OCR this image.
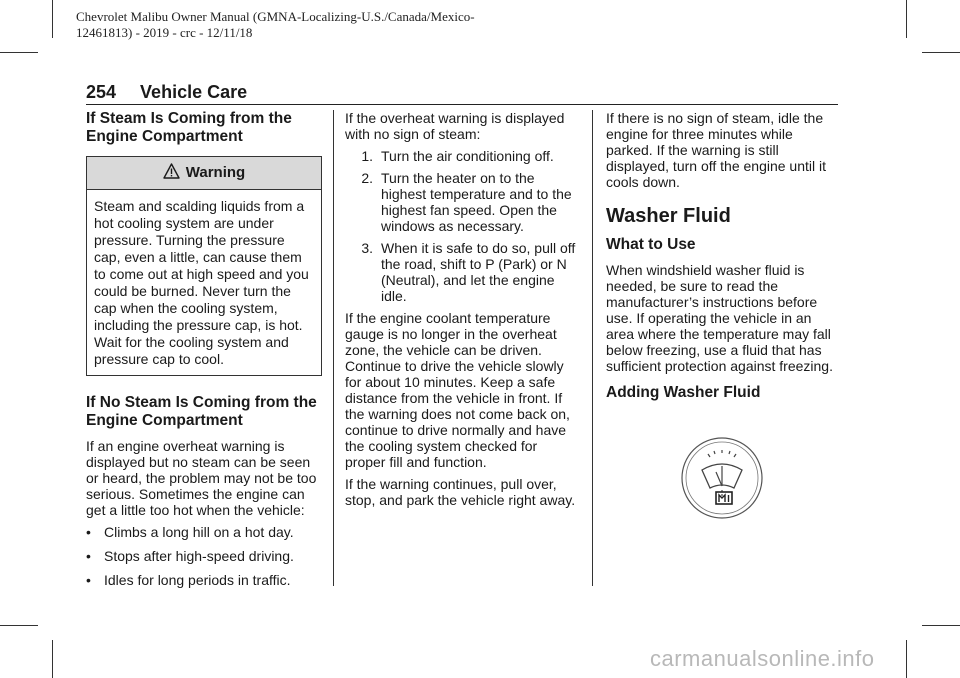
Chevrolet Malibu Owner Manual (GMNA-Localizing-U.S./Canada/Mexico-
12461813) - 2019 - crc - 12/11/18
254 Vehicle Care
If Steam Is Coming from the Engine Compartment
Warning
Steam and scalding liquids from a hot cooling system are under pressure. Turning the pressure cap, even a little, can cause them to come out at high speed and you could be burned. Never turn the cap when the cooling system, including the pressure cap, is hot. Wait for the cooling system and pressure cap to cool.
If No Steam Is Coming from the Engine Compartment

If an engine overheat warning is displayed but no steam can be seen or heard, the problem may not be too serious. Sometimes the engine can get a little too hot when the vehicle:

• Climbs a long hill on a hot day.
• Stops after high-speed driving.
• Idles for long periods in traffic.

If the overheat warning is displayed with no sign of steam:

1. Turn the air conditioning off.
2. Turn the heater on to the highest temperature and to the highest fan speed. Open the windows as necessary.
3. When it is safe to do so, pull off the road, shift to P (Park) or N (Neutral), and let the engine idle.

If the engine coolant temperature gauge is no longer in the overheat zone, the vehicle can be driven. Continue to drive the vehicle slowly for about 10 minutes. Keep a safe distance from the vehicle in front. If the warning does not come back on, continue to drive normally and have the cooling system checked for proper fill and function.

If the warning continues, pull over, stop, and park the vehicle right away.

If there is no sign of steam, idle the engine for three minutes while parked. If the warning is still displayed, turn off the engine until it cools down.

Washer Fluid
What to Use

When windshield washer fluid is needed, be sure to read the manufacturer’s instructions before use. If operating the vehicle in an area where the temperature may fall below freezing, use a fluid that has sufficient protection against freezing.

Adding Washer Fluid
carmanualsonline.info
